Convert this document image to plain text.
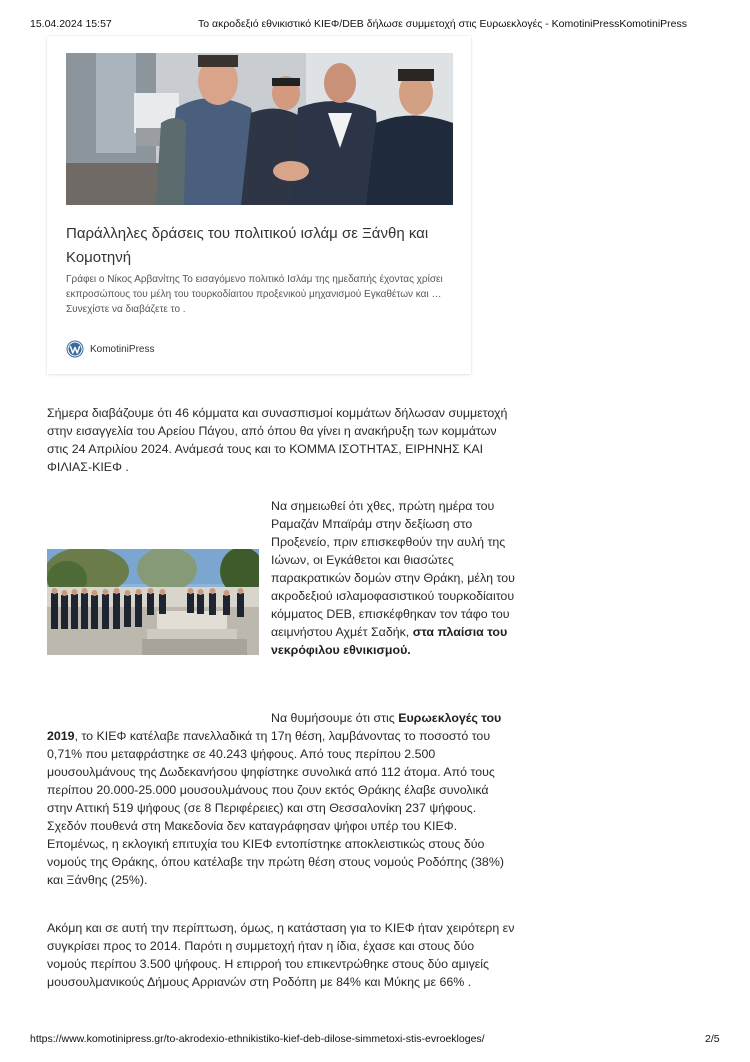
15.04.2024 15:57	Το ακροδεξιό εθνικιστικό ΚΙΕΦ/DEB δήλωσε συμμετοχή στις Ευρωεκλογές - KomotiniPressKomotiniPress
Παράλληλες δράσεις του πολιτικού ισλάμ σε Ξάνθη και Κομοτηνή

Γράφει ο Νίκος Αρβανίτης Το εισαγόμενο πολιτικό Ισλάμ της ημεδαπής έχοντας χρίσει εκπροσώπους του μέλη του τουρκοδίαιτου προξενικού μηχανισμού Εγκαθέτων και … Συνεχίστε να διαβάζετε το .

KomotiniPress

Σήμερα διαβάζουμε ότι 46 κόμματα και συνασπισμοί κομμάτων δήλωσαν συμμετοχή στην εισαγγελία του Αρείου Πάγου, από όπου θα γίνει η ανακήρυξη των κομμάτων στις 24 Απριλίου 2024. Ανάμεσά τους και το ΚΟΜΜΑ ΙΣΟΤΗΤΑΣ, ΕΙΡΗΝΗΣ ΚΑΙ ΦΙΛΙΑΣ-ΚΙΕΦ .

Να σημειωθεί ότι χθες, πρώτη ημέρα του Ραμαζάν Μπαϊράμ στην δεξίωση στο Προξενείο, πριν επισκεφθούν την αυλή της Ιώνων, οι Εγκάθετοι και θιασώτες παρακρατικών δομών στην Θράκη, μέλη του ακροδεξιού ισλαμοφασιστικού τουρκοδίαιτου κόμματος DEB, επισκέφθηκαν τον τάφο του αειμνήστου Αχμέτ Σαδήκ, στα πλαίσια του νεκρόφιλου εθνικισμού.

Να θυμήσουμε ότι στις Ευρωεκλογές του 2019, το ΚΙΕΦ κατέλαβε πανελλαδικά τη 17η θέση, λαμβάνοντας το ποσοστό του 0,71% που μεταφράστηκε σε 40.243 ψήφους. Από τους περίπου 2.500 μουσουλμάνους της Δωδεκανήσου ψηφίστηκε συνολικά από 112 άτομα. Από τους περίπου 20.000-25.000 μουσουλμάνους που ζουν εκτός Θράκης έλαβε συνολικά στην Αττική 519 ψήφους (σε 8 Περιφέρειες) και στη Θεσσαλονίκη 237 ψήφους. Σχεδόν πουθενά στη Μακεδονία δεν καταγράφησαν ψήφοι υπέρ του ΚΙΕΦ. Επομένως, η εκλογική επιτυχία του ΚΙΕΦ εντοπίστηκε αποκλειστικώς στους δύο νομούς της Θράκης, όπου κατέλαβε την πρώτη θέση στους νομούς Ροδόπης (38%) και Ξάνθης (25%).

Ακόμη και σε αυτή την περίπτωση, όμως, η κατάσταση για το ΚΙΕΦ ήταν χειρότερη εν συγκρίσει προς το 2014. Παρότι η συμμετοχή ήταν η ίδια, έχασε και στους δύο νομούς περίπου 3.500 ψήφους. Η επιρροή του επικεντρώθηκε στους δύο αμιγείς μουσουλμανικούς Δήμους Αρριανών στη Ροδόπη με 84% και Μύκης με 66% .

https://www.komotinipress.gr/to-akrodexio-ethnikistiko-kief-deb-dilose-simmetoxi-stis-evroekloges/	2/5
